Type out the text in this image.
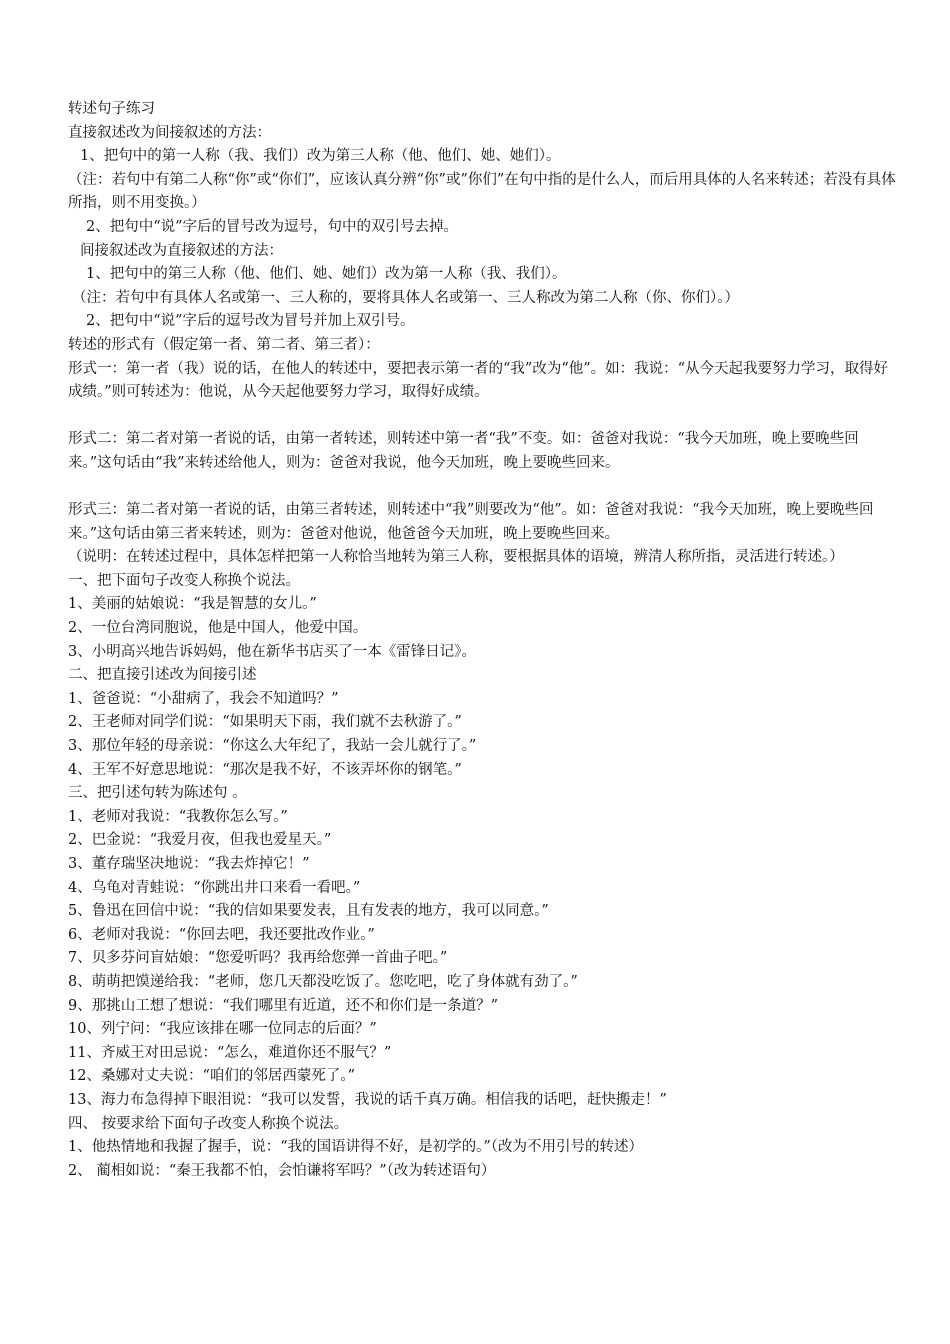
转述句子练习
直接叙述改为间接叙述的方法：
1、把句中的第一人称（我、我们）改为第三人称（他、他们、她、她们）。
（注：若句中有第二人称“你”或“你们”，应该认真分辨“你”或”你们”在句中指的是什么人，而后用具体的人名来转述；若没有具体所指，则不用变换。）
2、把句中“说”字后的冒号改为逗号，句中的双引号去掉。
间接叙述改为直接叙述的方法：
1、把句中的第三人称（他、他们、她、她们）改为第一人称（我、我们）。
（注：若句中有具体人名或第一、三人称的，要将具体人名或第一、三人称改为第二人称（你、你们）。）
2、把句中“说”字后的逗号改为冒号并加上双引号。
转述的形式有（假定第一者、第二者、第三者）：
形式一：第一者（我）说的话，在他人的转述中，要把表示第一者的“我”改为“他”。如：我说：“从今天起我要努力学习，取得好成绩。”则可转述为：他说，从今天起他要努力学习，取得好成绩。
形式二：第二者对第一者说的话，由第一者转述，则转述中第一者“我”不变。如：爸爸对我说：“我今天加班，晚上要晚些回来。”这句话由“我”来转述给他人，则为：爸爸对我说，他今天加班，晚上要晚些回来。
形式三：第二者对第一者说的话，由第三者转述，则转述中“我”则要改为“他”。如：爸爸对我说：“我今天加班，晚上要晚些回来。”这句话由第三者来转述，则为：爸爸对他说，他爸爸今天加班，晚上要晚些回来。
（说明：在转述过程中，具体怎样把第一人称恰当地转为第三人称，要根据具体的语境，辨清人称所指，灵活进行转述。）
一、把下面句子改变人称换个说法。
1、美丽的姑娘说：“我是智慧的女儿。”
2、一位台湾同胞说，他是中国人，他爱中国。
3、小明高兴地告诉妈妈，他在新华书店买了一本《雷锋日记》。
二、把直接引述改为间接引述
1、爸爸说：“小甜病了，我会不知道吗？”
2、王老师对同学们说：“如果明天下雨，我们就不去秋游了。”
3、那位年轻的母亲说：“你这么大年纪了，我站一会儿就行了。”
4、王军不好意思地说：“那次是我不好，不该弄坏你的钢笔。”
三、把引述句转为陈述句 。
1、老师对我说：“我教你怎么写。”
2、巴金说：“我爱月夜，但我也爱星天。”
3、董存瑞坚决地说：“我去炸掉它！”
4、乌龟对青蛙说：“你跳出井口来看一看吧。”
5、鲁迅在回信中说：“我的信如果要发表，且有发表的地方，我可以同意。”
6、老师对我说：“你回去吧，我还要批改作业。”
7、贝多芬问盲姑娘：“您爱听吗？我再给您弹一首曲子吧。”
8、萌萌把馍递给我：“老师，您几天都没吃饭了。您吃吧，吃了身体就有劲了。”
9、那挑山工想了想说：“我们哪里有近道，还不和你们是一条道？”
10、列宁问：“我应该排在哪一位同志的后面？”
11、齐威王对田忌说：“怎么，难道你还不服气？”
12、桑娜对丈夫说：“咱们的邻居西蒙死了。”
13、海力布急得掉下眼泪说：“我可以发誓，我说的话千真万确。相信我的话吧，赶快搬走！”
四、 按要求给下面句子改变人称换个说法。
1、他热情地和我握了握手，说：“我的国语讲得不好，是初学的。”（改为不用引号的转述）
2、 蔺相如说：“秦王我都不怕，会怕谦将军吗？”（改为转述语句）
